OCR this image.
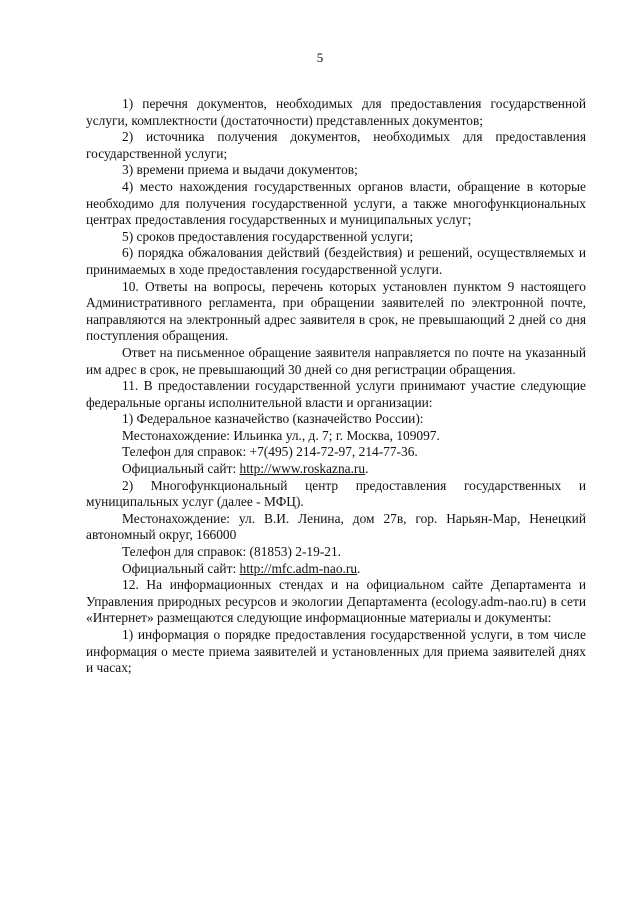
5

1) перечня документов, необходимых для предоставления государственной услуги, комплектности (достаточности) представленных документов;

2) источника получения документов, необходимых для предоставления государственной услуги;

3) времени приема и выдачи документов;

4) место нахождения государственных органов власти, обращение в которые необходимо для получения государственной услуги, а также многофункциональных центрах предоставления государственных и муниципальных услуг;

5) сроков предоставления государственной услуги;

6) порядка обжалования действий (бездействия) и решений, осуществляемых и принимаемых в ходе предоставления государственной услуги.

10. Ответы на вопросы, перечень которых установлен пунктом 9 настоящего Административного регламента, при обращении заявителей по электронной почте, направляются на электронный адрес заявителя в срок, не превышающий 2 дней со дня поступления обращения.

Ответ на письменное обращение заявителя направляется по почте на указанный им адрес в срок, не превышающий 30 дней со дня регистрации обращения.

11. В предоставлении государственной услуги принимают участие следующие федеральные органы исполнительной власти и организации:

1) Федеральное казначейство (казначейство России):

Местонахождение: Ильинка ул., д. 7; г. Москва, 109097.

Телефон для справок: +7(495) 214-72-97, 214-77-36.

Официальный сайт: http://www.roskazna.ru.

2) Многофункциональный центр предоставления государственных и муниципальных услуг (далее - МФЦ).

Местонахождение: ул. В.И. Ленина, дом 27в, гор. Нарьян-Мар, Ненецкий автономный округ, 166000

Телефон для справок: (81853) 2-19-21.

Официальный сайт: http://mfc.adm-nao.ru.

12. На информационных стендах и на официальном сайте Департамента и Управления природных ресурсов и экологии Департамента (ecology.adm-nao.ru) в сети «Интернет» размещаются следующие информационные материалы и документы:

1) информация о порядке предоставления государственной услуги, в том числе информация о месте приема заявителей и установленных для приема заявителей днях и часах;
